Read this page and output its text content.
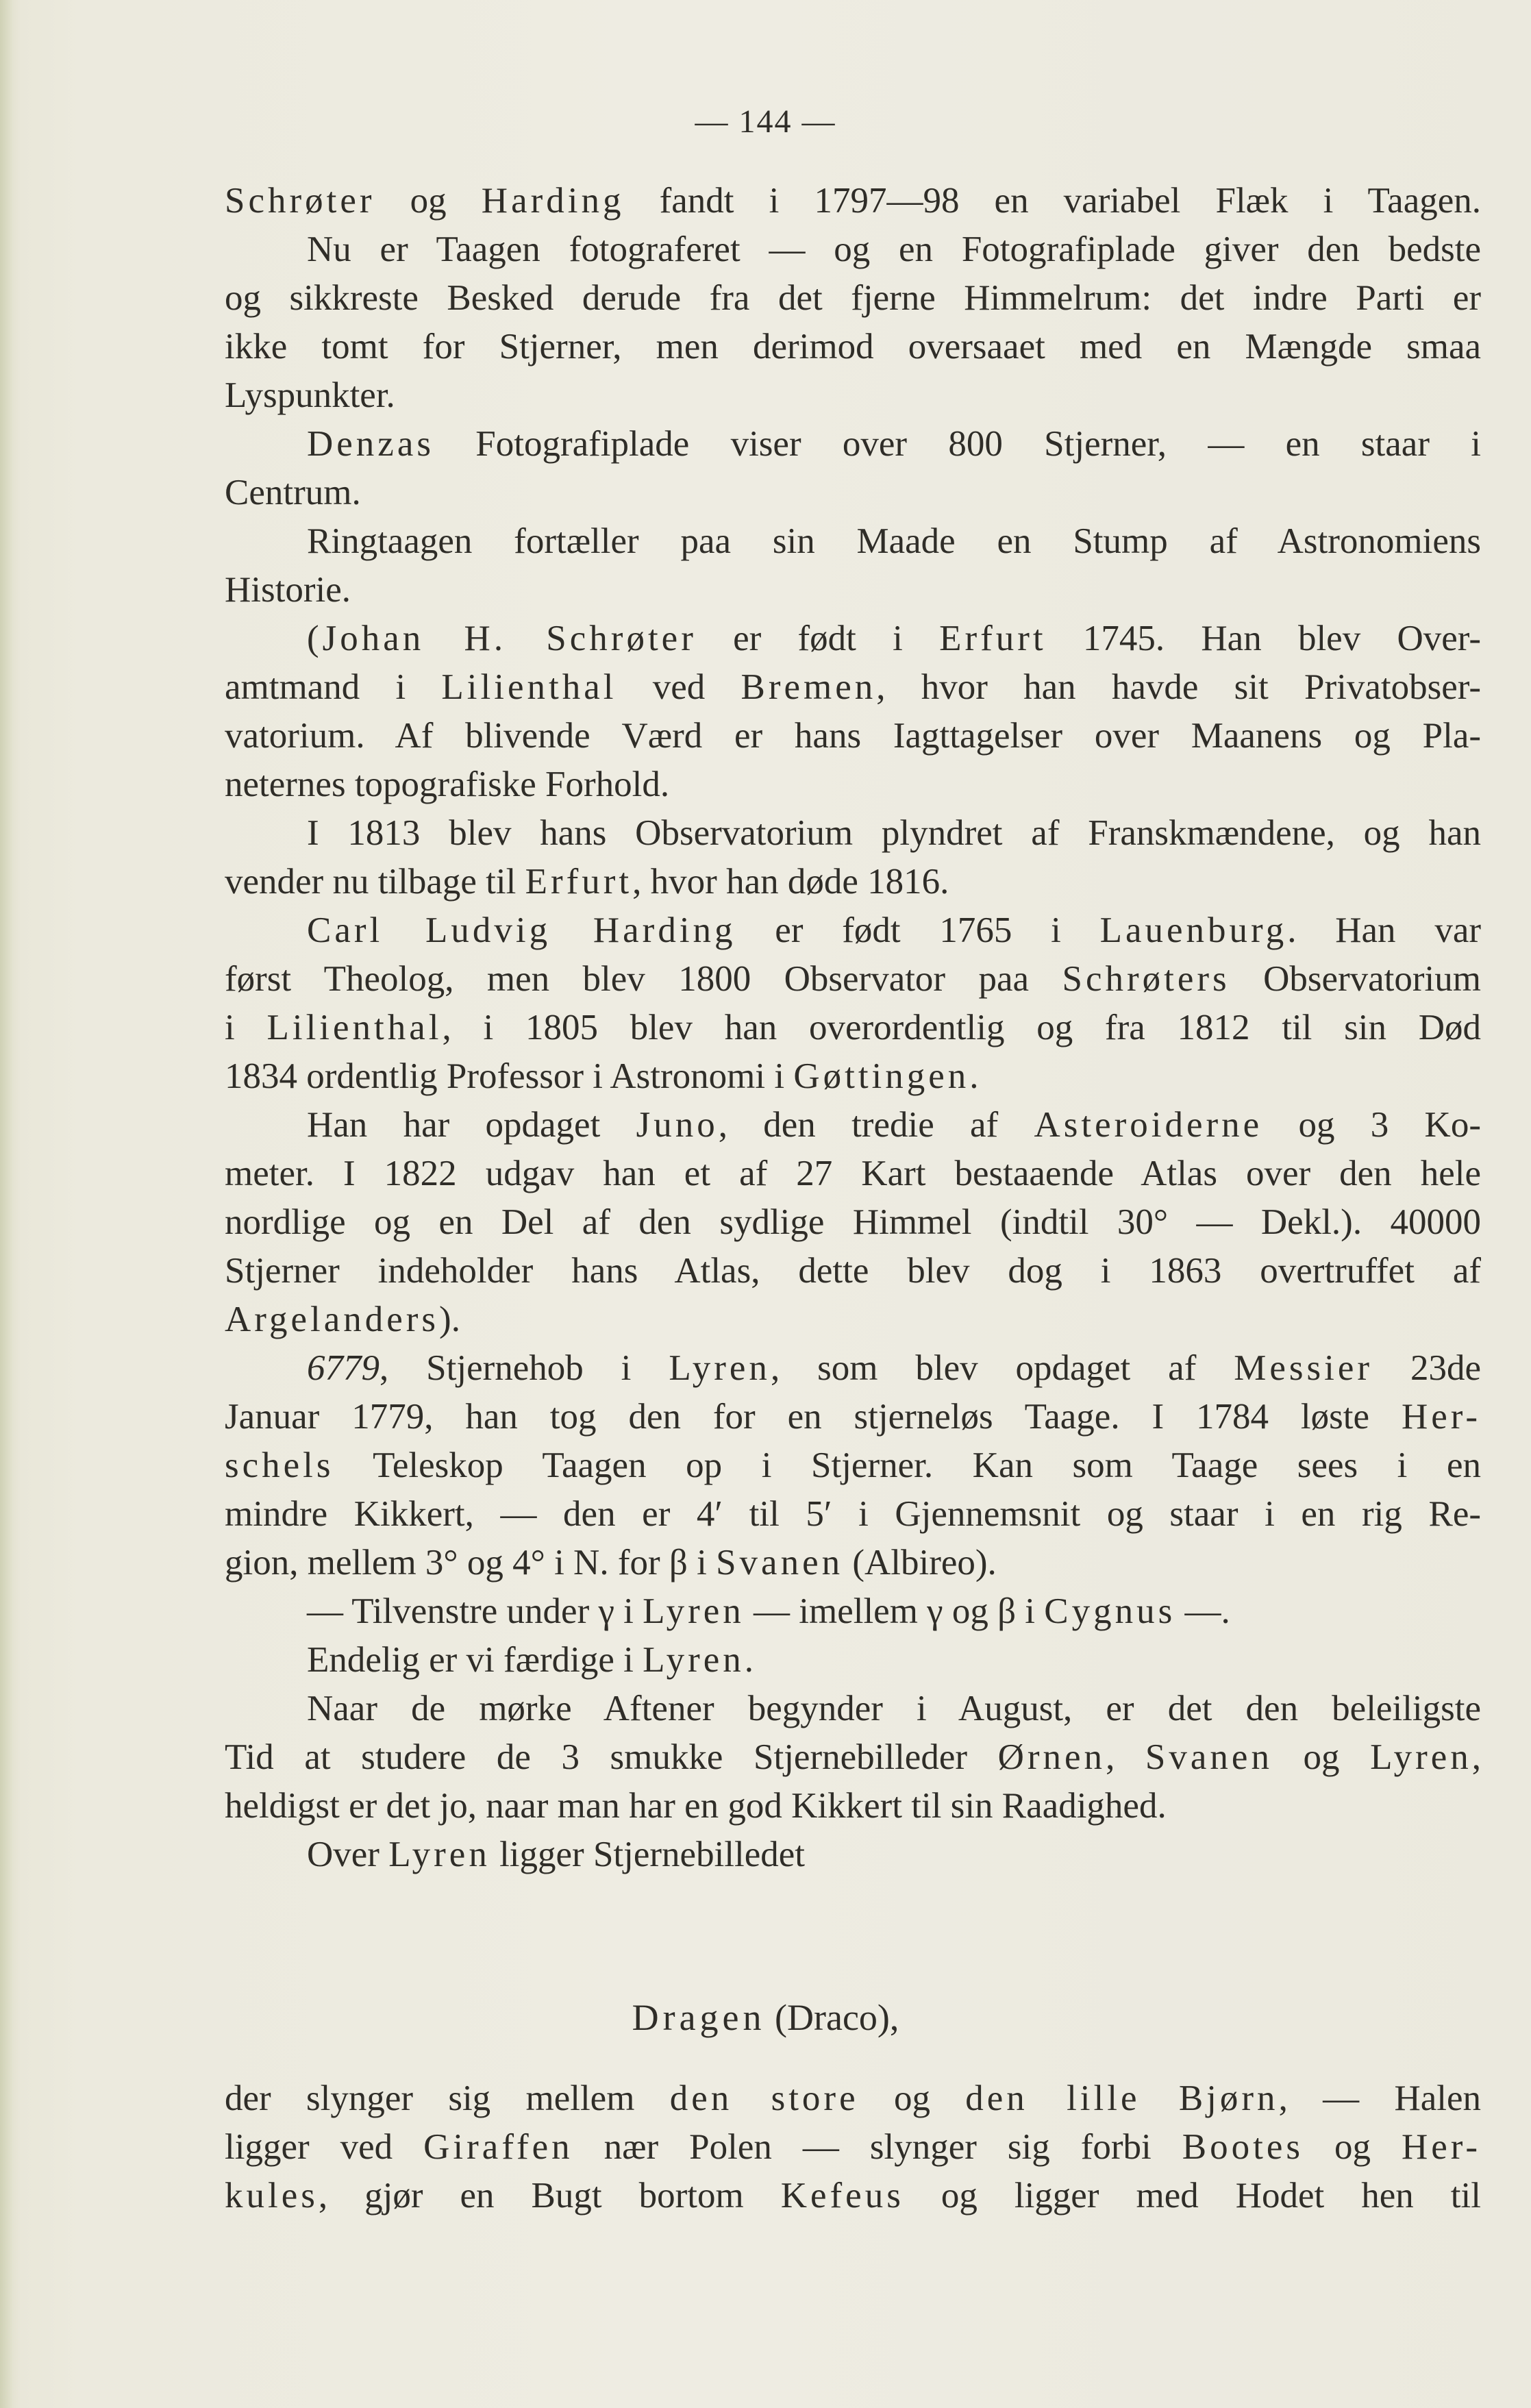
— 144 —
Schrøter og Harding fandt i 1797—98 en variabel Flæk i Taagen.
Nu er Taagen fotograferet — og en Fotografiplade giver den bedste
og sikkreste Besked derude fra det fjerne Himmelrum: det indre Parti er
ikke tomt for Stjerner, men derimod oversaaet med en Mængde smaa
Lyspunkter.
Denzas Fotografiplade viser over 800 Stjerner, — en staar i
Centrum.
Ringtaagen fortæller paa sin Maade en Stump af Astronomiens
Historie.
(Johan H. Schrøter er født i Erfurt 1745. Han blev Over-
amtmand i Lilienthal ved Bremen, hvor han havde sit Privatobser-
vatorium. Af blivende Værd er hans Iagttagelser over Maanens og Pla-
neternes topografiske Forhold.
I 1813 blev hans Observatorium plyndret af Franskmændene, og han
vender nu tilbage til Erfurt, hvor han døde 1816.
Carl Ludvig Harding er født 1765 i Lauenburg. Han var
først Theolog, men blev 1800 Observator paa Schrøters Observatorium
i Lilienthal, i 1805 blev han overordentlig og fra 1812 til sin Død
1834 ordentlig Professor i Astronomi i Gøttingen.
Han har opdaget Juno, den tredie af Asteroiderne og 3 Ko-
meter. I 1822 udgav han et af 27 Kart bestaaende Atlas over den hele
nordlige og en Del af den sydlige Himmel (indtil 30° — Dekl.). 40000
Stjerner indeholder hans Atlas, dette blev dog i 1863 overtruffet af
Argelanders).
6779, Stjernehob i Lyren, som blev opdaget af Messier 23de
Januar 1779, han tog den for en stjerneløs Taage. I 1784 løste Her-
schels Teleskop Taagen op i Stjerner. Kan som Taage sees i en
mindre Kikkert, — den er 4′ til 5′ i Gjennemsnit og staar i en rig Re-
gion, mellem 3° og 4° i N. for β i Svanen (Albireo).
— Tilvenstre under γ i Lyren — imellem γ og β i Cygnus —.
Endelig er vi færdige i Lyren.
Naar de mørke Aftener begynder i August, er det den beleiligste
Tid at studere de 3 smukke Stjernebilleder Ørnen, Svanen og Lyren,
heldigst er det jo, naar man har en god Kikkert til sin Raadighed.
Over Lyren ligger Stjernebilledet
Dragen (Draco),
der slynger sig mellem den store og den lille Bjørn, — Halen
ligger ved Giraffen nær Polen — slynger sig forbi Bootes og Her-
kules, gjør en Bugt bortom Kefeus og ligger med Hodet hen til
